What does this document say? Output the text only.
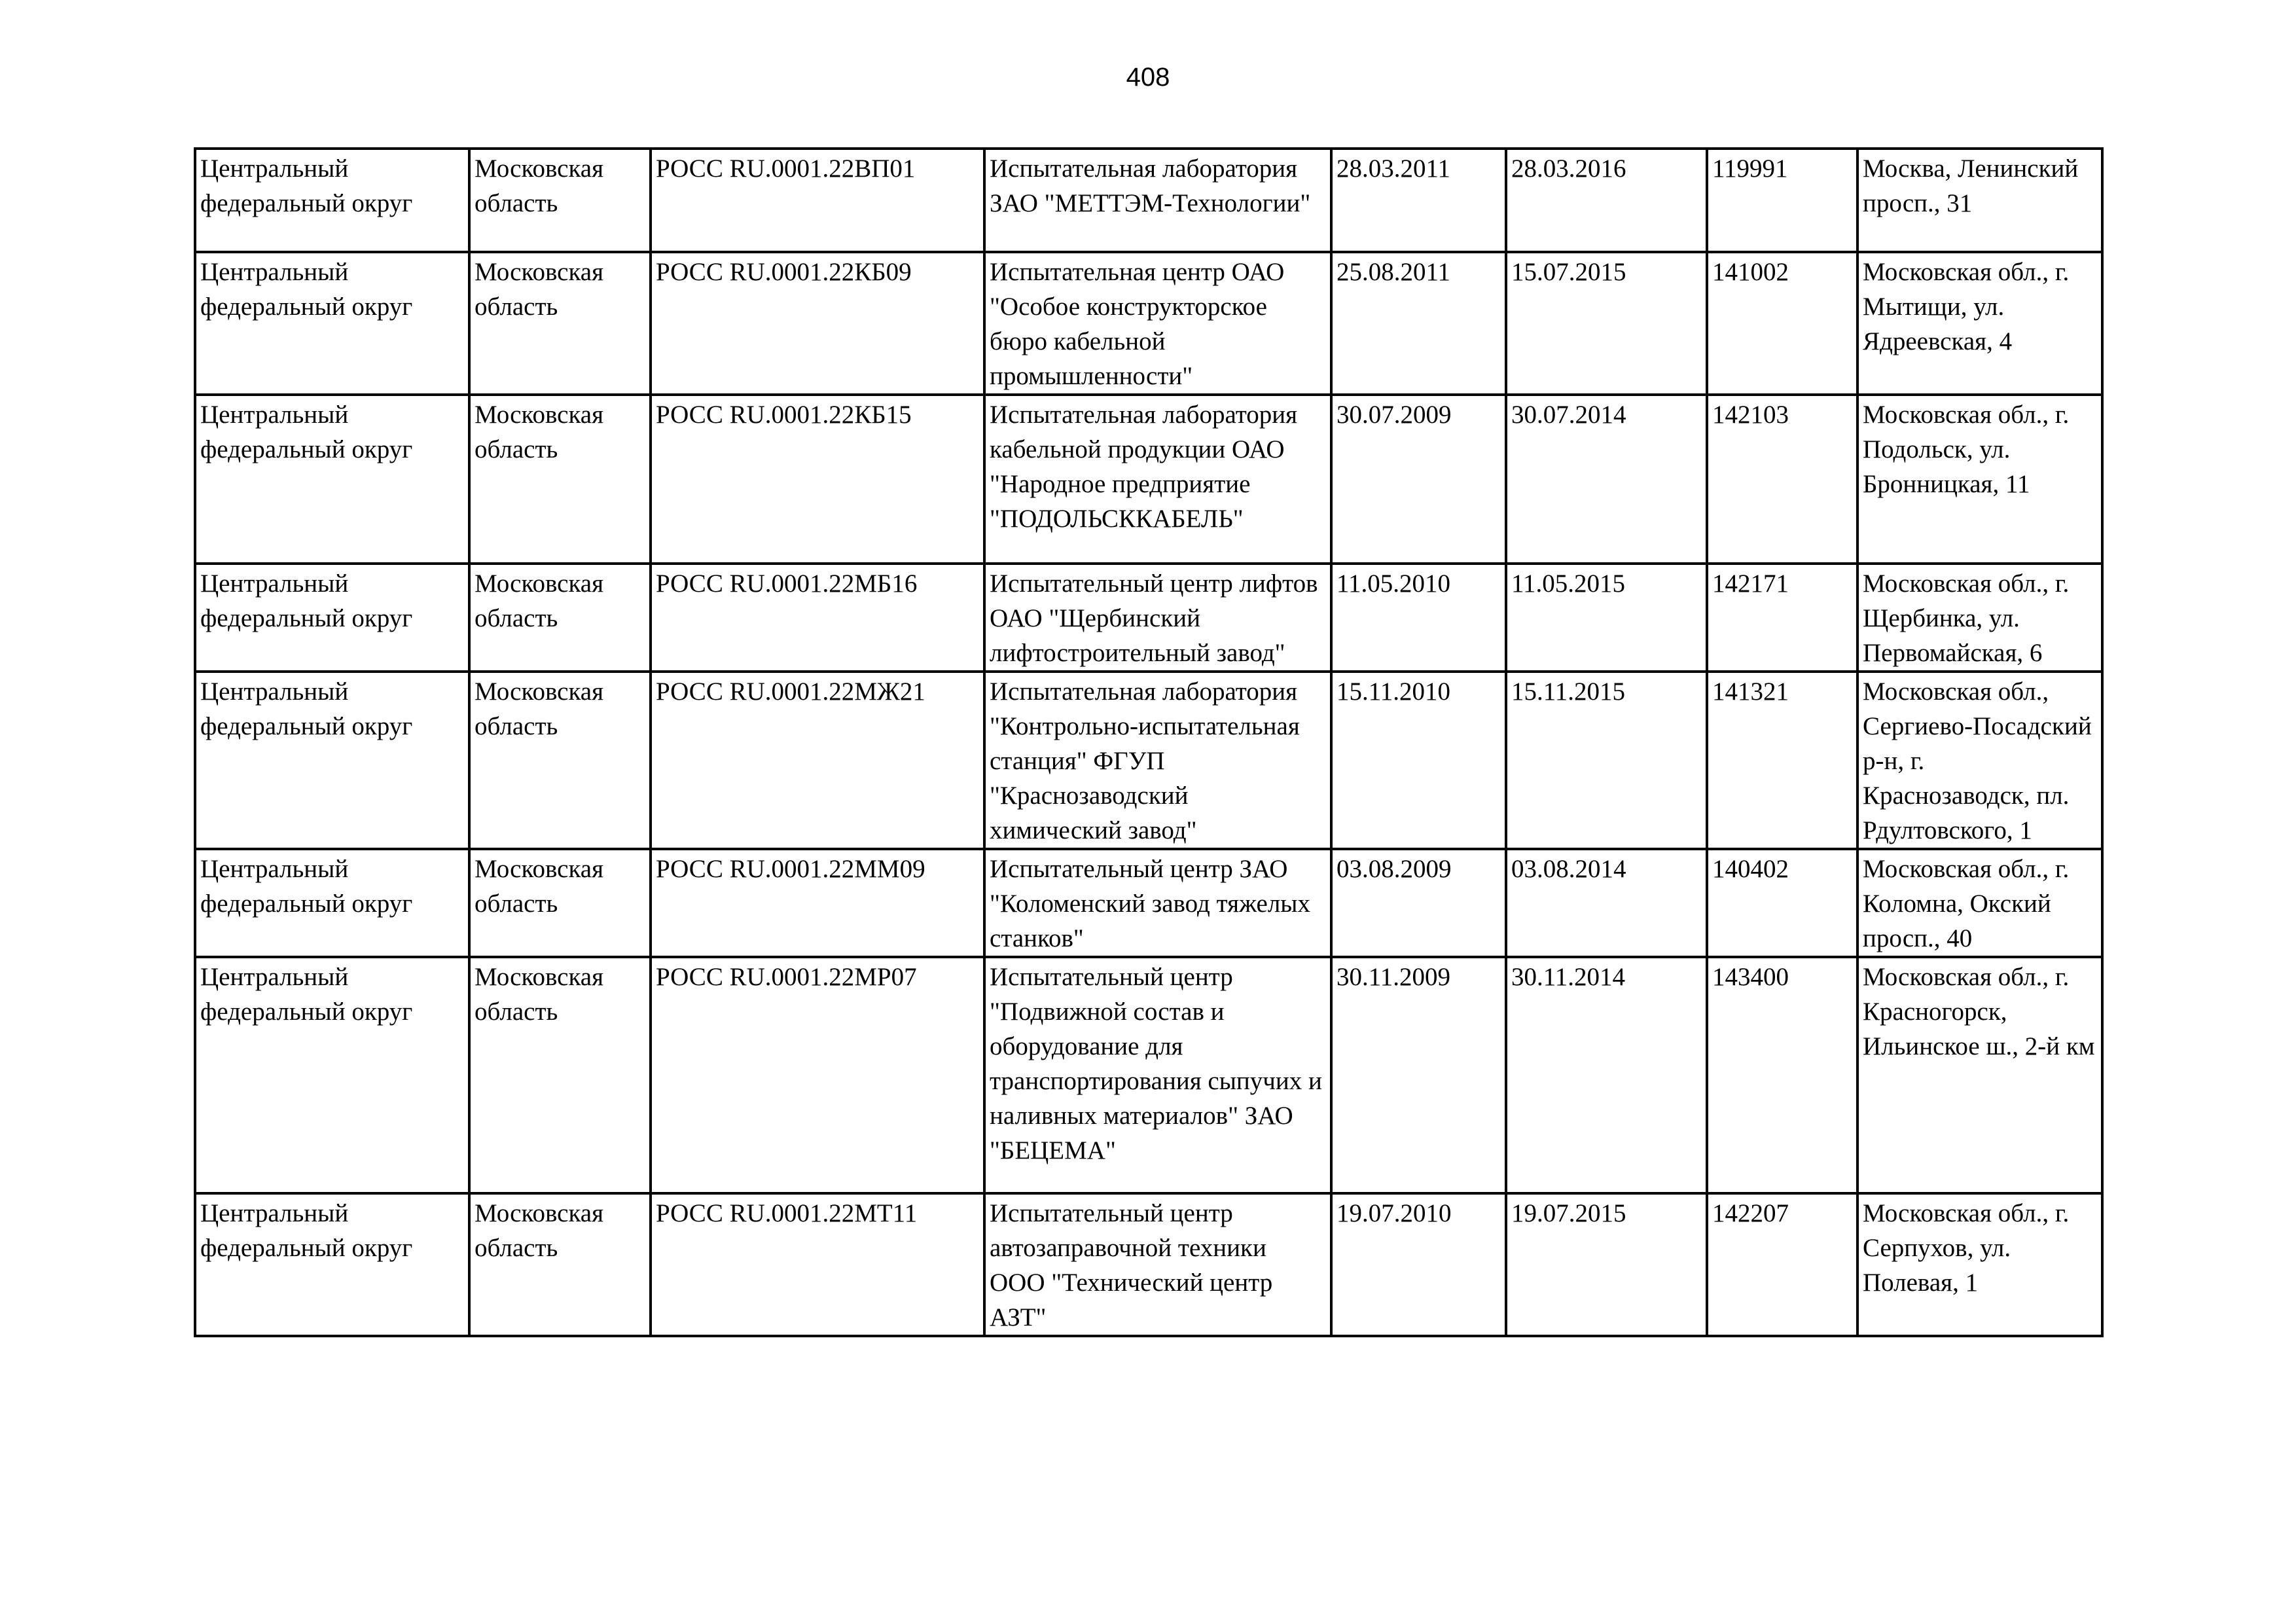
408
Центральный федеральный округ	Московская область	РОСС RU.0001.22ВП01	Испытательная лаборатория ЗАО "МЕТТЭМ-Технологии"	28.03.2011	28.03.2016	119991	Москва, Ленинский просп., 31
Центральный федеральный округ	Московская область	РОСС RU.0001.22КБ09	Испытательная центр ОАО "Особое конструкторское бюро кабельной промышленности"	25.08.2011	15.07.2015	141002	Московская обл., г. Мытищи, ул. Ядреевская, 4
Центральный федеральный округ	Московская область	РОСС RU.0001.22КБ15	Испытательная лаборатория кабельной продукции ОАО "Народное предприятие "ПОДОЛЬСККАБЕЛЬ"	30.07.2009	30.07.2014	142103	Московская обл., г. Подольск, ул. Бронницкая, 11
Центральный федеральный округ	Московская область	РОСС RU.0001.22МБ16	Испытательный центр лифтов ОАО "Щербинский лифтостроительный завод"	11.05.2010	11.05.2015	142171	Московская обл., г. Щербинка, ул. Первомайская, 6
Центральный федеральный округ	Московская область	РОСС RU.0001.22МЖ21	Испытательная лаборатория "Контрольно-испытательная станция" ФГУП "Краснозаводский химический завод"	15.11.2010	15.11.2015	141321	Московская обл., Сергиево-Посадский р-н, г. Краснозаводск, пл. Рдултовского, 1
Центральный федеральный округ	Московская область	РОСС RU.0001.22ММ09	Испытательный центр ЗАО "Коломенский завод тяжелых станков"	03.08.2009	03.08.2014	140402	Московская обл., г. Коломна, Окский просп., 40
Центральный федеральный округ	Московская область	РОСС RU.0001.22МР07	Испытательный центр "Подвижной состав и оборудование для транспортирования сыпучих и наливных материалов" ЗАО "БЕЦЕМА"	30.11.2009	30.11.2014	143400	Московская обл., г. Красногорск, Ильинское ш., 2-й км
Центральный федеральный округ	Московская область	РОСС RU.0001.22МТ11	Испытательный центр автозаправочной техники ООО "Технический центр АЗТ"	19.07.2010	19.07.2015	142207	Московская обл., г. Серпухов, ул. Полевая, 1
